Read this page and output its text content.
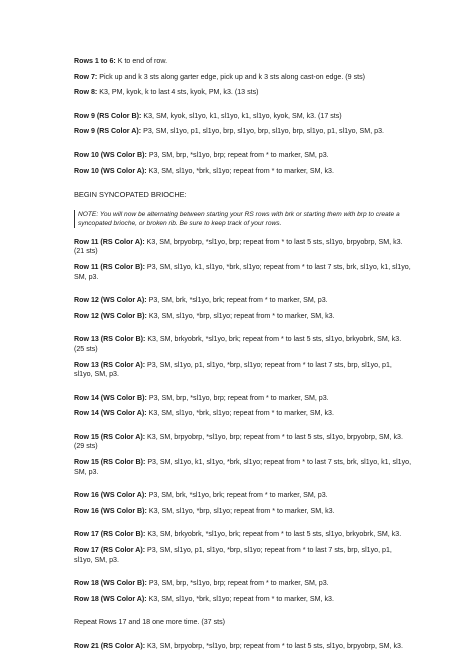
Rows 1 to 6: K to end of row.

Row 7: Pick up and k 3 sts along garter edge, pick up and k 3 sts along cast-on edge. (9 sts)

Row 8: K3, PM, kyok, k to last 4 sts, kyok, PM, k3. (13 sts)

Row 9 (RS Color B): K3, SM, kyok, sl1yo, k1, sl1yo, k1, sl1yo, kyok, SM, k3. (17 sts)

Row 9 (RS Color A): P3, SM, sl1yo, p1, sl1yo, brp, sl1yo, brp, sl1yo, brp, sl1yo, p1, sl1yo, SM, p3.

Row 10 (WS Color B): P3, SM, brp, *sl1yo, brp; repeat from * to marker, SM, p3.

Row 10 (WS Color A): K3, SM, sl1yo, *brk, sl1yo; repeat from * to marker, SM, k3.

BEGIN SYNCOPATED BRIOCHE:

NOTE: You will now be alternating between starting your RS rows with brk or starting them with brp to create a syncopated brioche, or broken rib. Be sure to keep track of your rows.

Row 11 (RS Color A): K3, SM, brpyobrp, *sl1yo, brp; repeat from * to last 5 sts, sl1yo, brpyobrp, SM, k3. (21 sts)

Row 11 (RS Color B): P3, SM, sl1yo, k1, sl1yo, *brk, sl1yo; repeat from * to last 7 sts, brk, sl1yo, k1, sl1yo, SM, p3.

Row 12 (WS Color A): P3, SM, brk, *sl1yo, brk; repeat from * to marker, SM, p3.

Row 12 (WS Color B): K3, SM, sl1yo, *brp, sl1yo; repeat from * to marker, SM, k3.

Row 13 (RS Color B): K3, SM, brkyobrk, *sl1yo, brk; repeat from * to last 5 sts, sl1yo, brkyobrk, SM, k3. (25 sts)

Row 13 (RS Color A): P3, SM, sl1yo, p1, sl1yo, *brp, sl1yo; repeat from * to last 7 sts, brp, sl1yo, p1, sl1yo, SM, p3.

Row 14 (WS Color B): P3, SM, brp, *sl1yo, brp; repeat from * to marker, SM, p3.

Row 14 (WS Color A): K3, SM, sl1yo, *brk, sl1yo; repeat from * to marker, SM, k3.

Row 15 (RS Color A): K3, SM, brpyobrp, *sl1yo, brp; repeat from * to last 5 sts, sl1yo, brpyobrp, SM, k3. (29 sts)

Row 15 (RS Color B): P3, SM, sl1yo, k1, sl1yo, *brk, sl1yo; repeat from * to last 7 sts, brk, sl1yo, k1, sl1yo, SM, p3.

Row 16 (WS Color A): P3, SM, brk, *sl1yo, brk; repeat from * to marker, SM, p3.

Row 16 (WS Color B): K3, SM, sl1yo, *brp, sl1yo; repeat from * to marker, SM, k3.

Row 17 (RS Color B): K3, SM, brkyobrk, *sl1yo, brk; repeat from * to last 5 sts, sl1yo, brkyobrk, SM, k3.

Row 17 (RS Color A): P3, SM, sl1yo, p1, sl1yo, *brp, sl1yo; repeat from * to last 7 sts, brp, sl1yo, p1, sl1yo, SM, p3.

Row 18 (WS Color B): P3, SM, brp, *sl1yo, brp; repeat from * to marker, SM, p3.

Row 18 (WS Color A): K3, SM, sl1yo, *brk, sl1yo; repeat from * to marker, SM, k3.

Repeat Rows 17 and 18 one more time. (37 sts)

Row 21 (RS Color A): K3, SM, brpyobrp, *sl1yo, brp; repeat from * to last 5 sts, sl1yo, brpyobrp, SM, k3.
